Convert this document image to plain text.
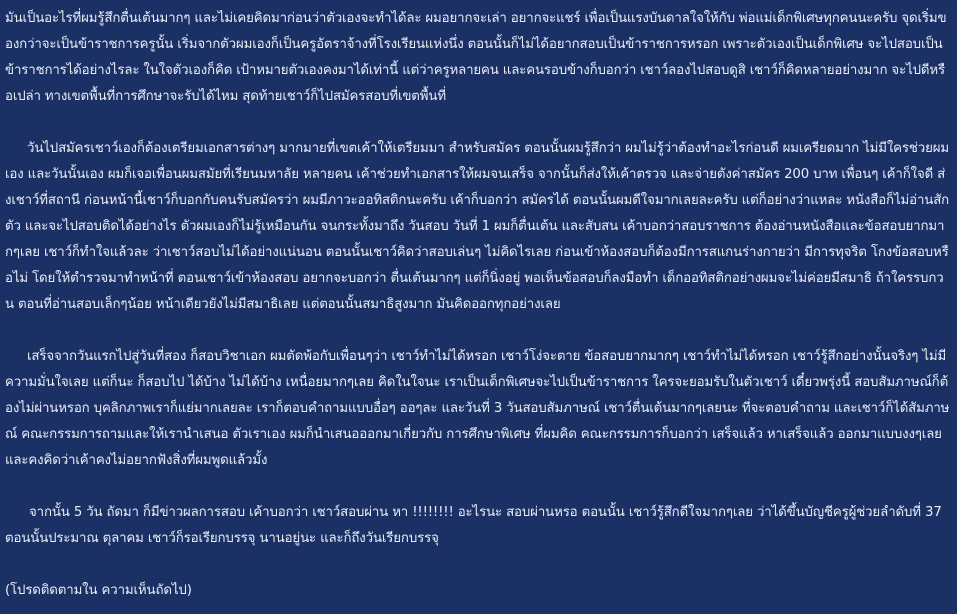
มันเป็นอะไรที่ผมรู้สึกตื่นเต้นมากๆ และไม่เคยคิดมาก่อนว่าตัวเองจะทำได้ละ ผมอยากจะเล่า อยากจะแชร์ เพื่อเป็นแรงบันดาลใจให้กับ พ่อแม่เด็กพิเศษทุกคนนะครับ จุดเริ่มของกว่าจะเป็นข้าราชการครูนั้น เริ่มจากตัวผมเองก็เป็นครูอัตราจ้างที่โรงเรียนแห่งนึ่ง ตอนนั้นก็ไม่ได้อยากสอบเป็นข้าราชการหรอก เพราะตัวเองเป็นเด็กพิเศษ จะไปสอบเป็นข้าราชการได้อย่างไรละ ในใจตัวเองก็คิด เป้าหมายตัวเองคงมาได้เท่านี้ แต่ว่าครูหลายคน และคนรอบข้างก็บอกว่า เชาว์ลองไปสอบดูสิ เชาว์ก็คิดหลายอย่างมาก จะไปดีหรือเปล่า ทางเขตพื้นที่การศึกษาจะรับได้ไหม สุดท้ายเชาว์ก็ไปสมัครสอบที่เขตพื้นที่

วันไปสมัครเชาว์เองก็ต้องเตรียมเอกสารต่างๆ มากมายที่เขตเค้าให้เตรียมมา สำหรับสมัคร ตอนนั้นผมรู้สึกว่า ผมไม่รู้ว่าต้องทำอะไรก่อนดี ผมเครียดมาก ไม่มีใครช่วยผมเอง และวันนั้นเอง ผมก็เจอเพื่อนผมสมัยที่เรียนมหาลัย หลายคน เค้าช่วยทำเอกสารให้ผมจนเสร็จ จากนั้นก็ส่งให้เค้าตรวจ และจ่ายตังค่าสมัคร 200 บาท เพื่อนๆ เค้าก็ใจดี ส่งเชาว์ที่สถานี ก่อนหน้านี้เชาว์ก็บอกกับคนรับสมัครว่า ผมมีภาวะออทิสติกนะครับ เค้าก็บอกว่า สมัครได้ ตอนนั้นผมดีใจมากเลยละครับ แต่ก็อย่างว่าแหละ หนังสือก็ไม่อ่านสักตัว และจะไปสอบติดได้อย่างไร ตัวผมเองก็ไม่รู้เหมือนกัน จนกระทั้งมาถึง วันสอบ วันที่ 1 ผมก็ตื่นเต้น และสับสน เค้าบอกว่าสอบราชการ ต้องอ่านหนังสือและข้อสอบยากมากๆเลย เชาว์ก็ทำใจแล้วละ ว่าเชาว์สอบไม่ได้อย่างแน่นอน ตอนนั้นเชาว์คิดว่าสอบเล่นๆ ไม่คิดไรเลย ก่อนเข้าห้องสอบก็ต้องมีการสแกนร่างกายว่า มีการทุจริต โกงข้อสอบหรือไม่ โดยให้ตำรวจมาทำหน้าที่ ตอนเชาว์เข้าห้องสอบ อยากจะบอกว่า ตื่นเต้นมากๆ แต่ก็นิ่งอยู่ พอเห็นข้อสอบก็ลงมือทำ เด็กออทิสติกอย่างผมจะไม่ค่อยมีสมาธิ ถ้าใครรบกวน ตอนที่อ่านสอบเล็กๆน้อย หน้าเดียวยังไม่มีสมาธิเลย แต่ตอนนั้นสมาธิสูงมาก มันคิดออกทุกอย่างเลย

เสร็จจากวันแรกไปสู่วันที่สอง ก็สอบวิชาเอก ผมตัดพ้อกับเพื่อนๆว่า เชาว์ทำไม่ได้หรอก เชาว์โง่จะตาย ข้อสอบยากมากๆ เชาว์ทำไม่ได้หรอก เชาว์รู้สึกอย่างนั้นจริงๆ ไม่มีความมั่นใจเลย แต่ก็นะ ก็สอบไป ได้บ้าง ไม่ได้บ้าง เหนื่อยมากๆเลย คิดในใจนะ เราเป็นเด็กพิเศษจะไปเป็นข้าราชการ ใครจะยอมรับในตัวเชาว์ เดี๋ยวพรุ่งนี้ สอบสัมภาษณ์ก็ต้องไม่ผ่านหรอก บุคลิกภาพเราก็แย่มากเลยละ เราก็ตอบคำถามแบบอื่อๆ ออๆละ และวันที่ 3 วันสอบสัมภาษณ์ เชาว์ตื่นเต้นมากๆเลยนะ ที่จะตอบคำถาม และเชาว์ก็ได้สัมภาษณ์ คณะกรรมการถามและให้เรานำเสนอ ตัวเราเอง ผมก็นำเสนอออกมาเกี่ยวกับ การศึกษาพิเศษ ที่ผมคิด คณะกรรมการก็บอกว่า เสร็จแล้ว หาเสร็จแล้ว ออกมาแบบงงๆเลย และคงคิดว่าเค้าคงไม่อยากฟังสิ่งที่ผมพูดแล้วมั้ง

จากนั้น 5 วัน ถัดมา ก็มีข่าวผลการสอบ เค้าบอกว่า เชาว์สอบผ่าน หา !!!!!!!! อะไรนะ สอบผ่านหรอ ตอนนั้น เชาว์รู้สึกดีใจมากๆเลย ว่าได้ขึ้นบัญชีครูผู้ช่วยลำดับที่ 37 ตอนนั้นประมาณ ตุลาคม เชาว์ก็รอเรียกบรรจุ นานอยู่นะ และก็ถึงวันเรียกบรรจุ

(โปรดติดตามใน ความเห็นถัดไป)
